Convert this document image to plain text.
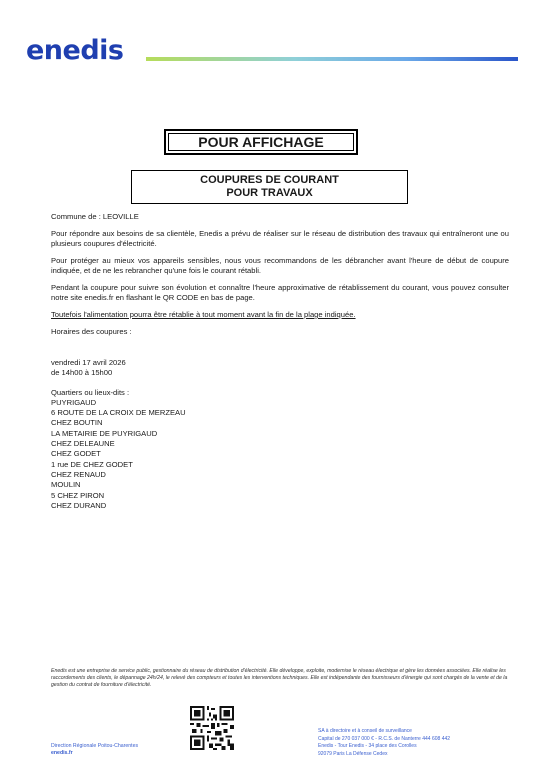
enedis
POUR AFFICHAGE
COUPURES DE COURANT
POUR TRAVAUX

Commune de : LEOVILLE

Pour répondre aux besoins de sa clientèle, Enedis a prévu de réaliser sur le réseau de distribution des travaux qui entraîneront une ou plusieurs coupures d'électricité.

Pour protéger au mieux vos appareils sensibles, nous vous recommandons de les débrancher avant l'heure de début de coupure indiquée, et de ne les rebrancher qu'une fois le courant rétabli.

Pendant la coupure pour suivre son évolution et connaître l'heure approximative de rétablissement du courant, vous pouvez consulter notre site enedis.fr en flashant le QR CODE en bas de page.

Toutefois l'alimentation pourra être rétablie à tout moment avant la fin de la plage indiquée.

Horaires des coupures :

vendredi 17 avril 2026
de 14h00 à 15h00
Quartiers ou lieux-dits :
PUYRIGAUD
6 ROUTE DE LA CROIX DE MERZEAU
CHEZ BOUTIN
LA METAIRIE DE PUYRIGAUD
CHEZ DELEAUNE
CHEZ GODET
1 rue DE CHEZ GODET
CHEZ RENAUD
MOULIN
5 CHEZ PIRON
CHEZ DURAND
Enedis est une entreprise de service public, gestionnaire du réseau de distribution d'électricité. Elle développe, exploite, modernise le réseau électrique et gère les données associées. Elle réalise les raccordements des clients, le dépannage 24h/24, le relevé des compteurs et toutes les interventions techniques. Elle est indépendante des fournisseurs d'énergie qui sont chargés de la vente et de la gestion du contrat de fourniture d'électricité.
Direction Régionale Poitou-Charentes
enedis.fr
SA à directoire et à conseil de surveillance
Capital de 270 037 000 € - R.C.S. de Nanterre 444 608 442
Enedis - Tour Enedis - 34 place des Corolles
92079 Paris La Défense Cedex
